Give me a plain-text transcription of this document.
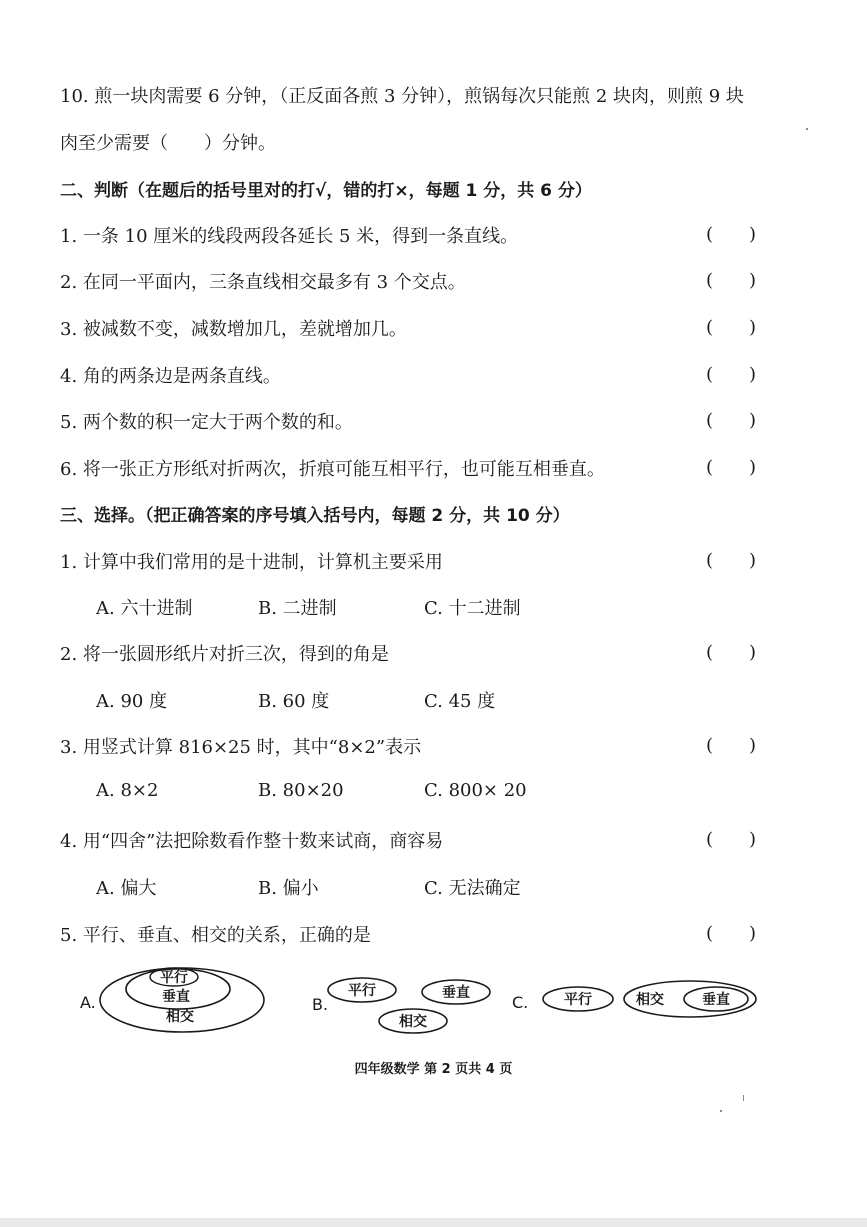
10. 煎一块肉需要 6 分钟，（正反面各煎 3 分钟），煎锅每次只能煎 2 块肉，则煎 9 块
肉至少需要（　　）分钟。
二、判断（在题后的括号里对的打√，错的打×，每题 1 分，共 6 分）
1. 一条 10 厘米的线段两段各延长 5 米，得到一条直线。	(　　)
2. 在同一平面内，三条直线相交最多有 3 个交点。	(　　)
3. 被减数不变，减数增加几，差就增加几。	(　　)
4. 角的两条边是两条直线。	(　　)
5. 两个数的积一定大于两个数的和。	(　　)
6. 将一张正方形纸对折两次，折痕可能互相平行，也可能互相垂直。	(　　)
三、选择。（把正确答案的序号填入括号内，每题 2 分，共 10 分）
1. 计算中我们常用的是十进制，计算机主要采用	(　　)
A. 六十进制	B. 二进制	C. 十二进制
2. 将一张圆形纸片对折三次，得到的角是	(　　)
A. 90 度	B. 60 度	C. 45 度
3. 用竖式计算 816×25 时，其中“8×2”表示	(　　)
A. 8×2	B. 80×20	C. 800× 20
4. 用“四舍”法把除数看作整十数来试商，商容易	(　　)
A. 偏大	B. 偏小	C. 无法确定
5. 平行、垂直、相交的关系，正确的是	(　　)
A.	B.	C.
平行
垂直
相交
平行	垂直
相交
平行	相交	垂直
四年级数学 第 2 页共 4 页
